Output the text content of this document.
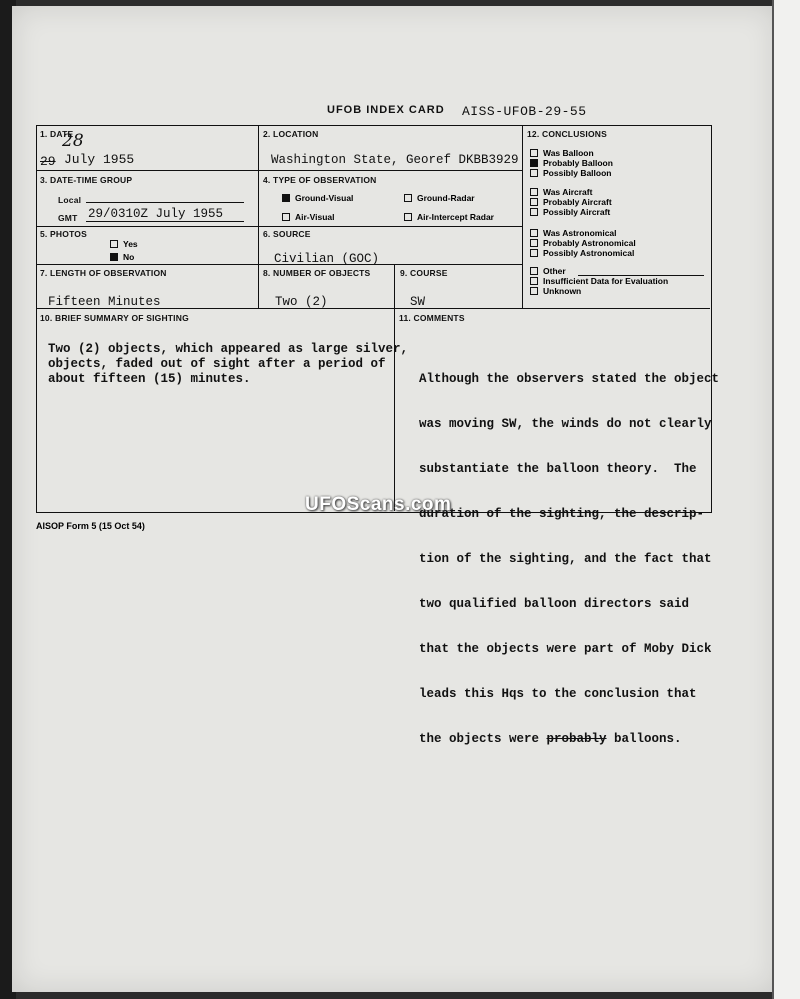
UFOB INDEX CARD AISS-UFOB-29-55
1. DATE
28
29 July 1955
2. LOCATION
Washington State, Georef DKBB3929
12. CONCLUSIONS
Was Balloon
Probably Balloon
Possibly Balloon
Was Aircraft
Probably Aircraft
Possibly Aircraft
Was Astronomical
Probably Astronomical
Possibly Astronomical
Other
Insufficient Data for Evaluation
Unknown
3. DATE-TIME GROUP
Local
GMT 29/0310Z July 1955
4. TYPE OF OBSERVATION
Ground-Visual	Ground-Radar
Air-Visual	Air-Intercept Radar
5. PHOTOS
Yes
No
6. SOURCE
Civilian (GOC)
7. LENGTH OF OBSERVATION
Fifteen Minutes
8. NUMBER OF OBJECTS
Two (2)
9. COURSE
SW
10. BRIEF SUMMARY OF SIGHTING
Two (2) objects, which appeared as large silver,
objects, faded out of sight after a period of
about fifteen (15) minutes.
11. COMMENTS

Although the observers stated the object

was moving SW, the winds do not clearly

substantiate the balloon theory.  The

duration of the sighting, the descrip-

tion of the sighting, and the fact that

two qualified balloon directors said

that the objects were part of Moby Dick

leads this Hqs to the conclusion that

the objects were probably balloons.

UFOScans.com
AISOP Form 5 (15 Oct 54)
